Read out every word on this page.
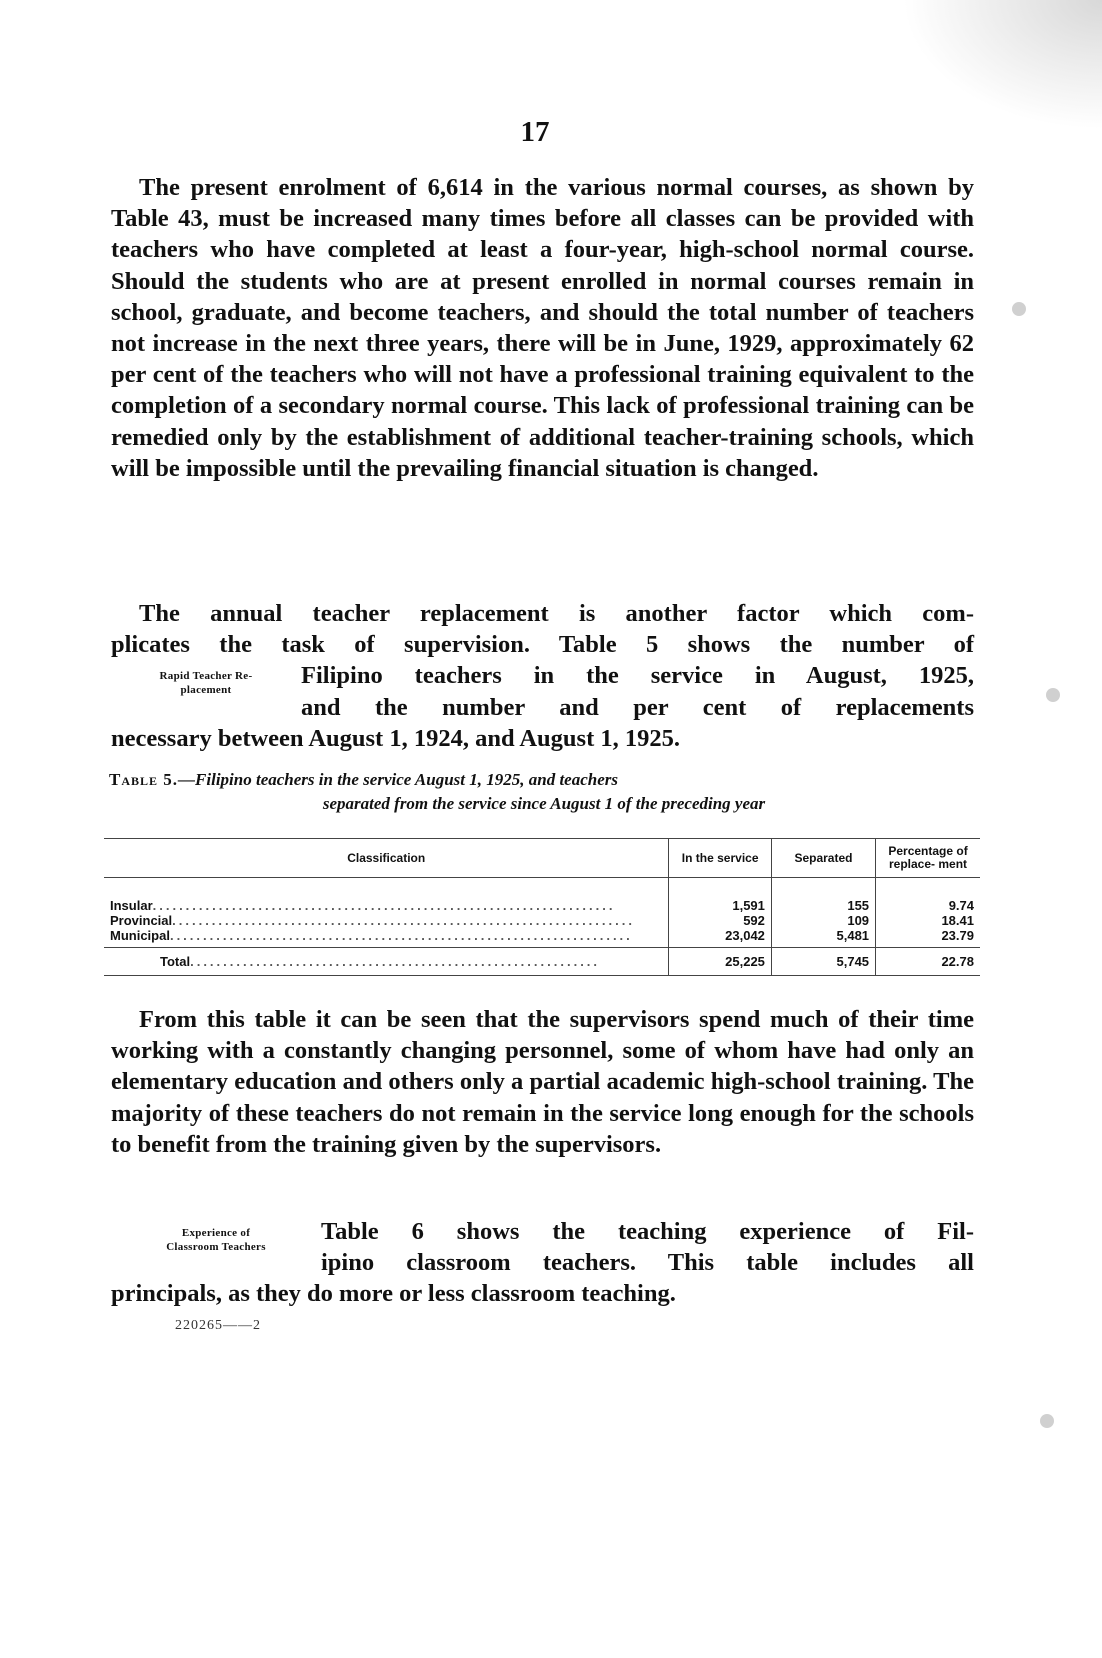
17

The present enrolment of 6,614 in the various normal courses, as shown by Table 43, must be increased many times before all classes can be provided with teachers who have completed at least a four-year, high-school normal course. Should the students who are at present enrolled in normal courses remain in school, graduate, and become teachers, and should the total number of teachers not increase in the next three years, there will be in June, 1929, approximately 62 per cent of the teachers who will not have a professional training equivalent to the completion of a secondary normal course. This lack of professional training can be remedied only by the establishment of additional teacher-training schools, which will be impossible until the prevailing financial situation is changed.

The annual teacher replacement is another factor which com-
plicates the task of supervision. Table 5 shows the number of
Rapid Teacher Re-
placement
Filipino teachers in the service in August, 1925,
and the number and per cent of replacements
necessary between August 1, 1924, and August 1, 1925.
Table 5.—Filipino teachers in the service August 1, 1925, and teachers
separated from the service since August 1 of the preceding year
Classification	In the service	Separated	Percentage of replace- ment
Insular......................................................................	1,591	155	9.74
Provincial......................................................................	592	109	18.41
Municipal......................................................................	23,042	5,481	23.79
Total..............................................................	25,225	5,745	22.78

From this table it can be seen that the supervisors spend much of their time working with a constantly changing personnel, some of whom have had only an elementary education and others only a partial academic high-school training. The majority of these teachers do not remain in the service long enough for the schools to benefit from the training given by the supervisors.

Experience of
Classroom Teachers
Table 6 shows the teaching experience of Fil-
ipino classroom teachers. This table includes all
principals, as they do more or less classroom teaching.
220265——2
